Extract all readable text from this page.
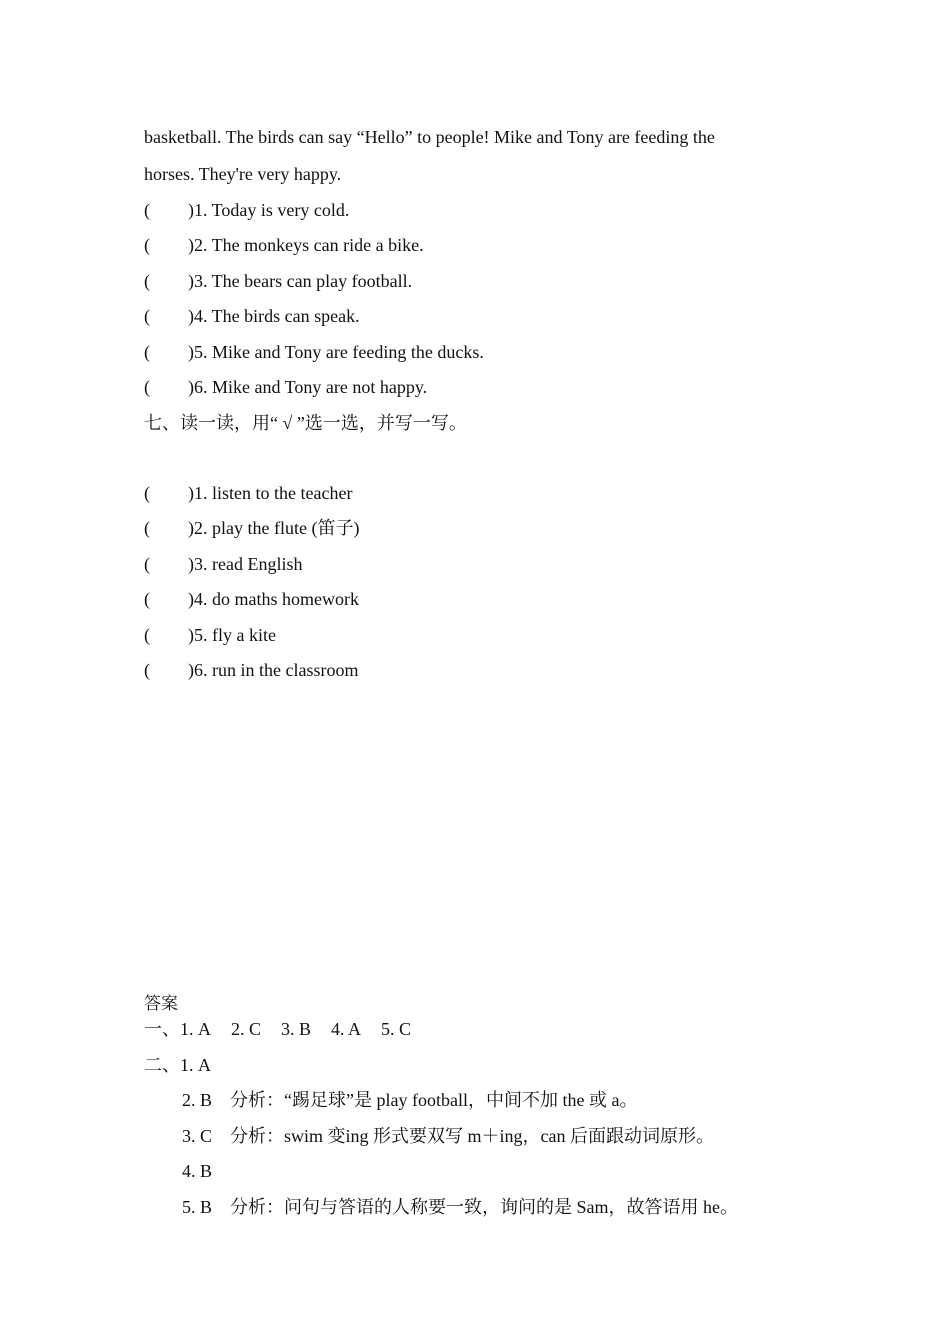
basketball. The birds can say “Hello” to people! Mike and Tony are feeding the
horses. They're very happy.
( )1. Today is very cold.
( )2. The monkeys can ride a bike.
( )3. The bears can play football.
( )4. The birds can speak.
( )5. Mike and Tony are feeding the ducks.
( )6. Mike and Tony are not happy.
七、读一读，用“ √ ”选一选，并写一写。
( )1. listen to the teacher
( )2. play the flute (笛子)
( )3. read English
( )4. do maths homework
( )5. fly a kite
( )6. run in the classroom
答案
一、1. A 2. C 3. B 4. A 5. C
二、1. A
2. B　分析：“踢足球”是 play football，中间不加 the 或 a。
3. C　分析：swim 变ing 形式要双写 m＋ing，can 后面跟动词原形。
4. B
5. B　分析：问句与答语的人称要一致，询问的是 Sam，故答语用 he。
